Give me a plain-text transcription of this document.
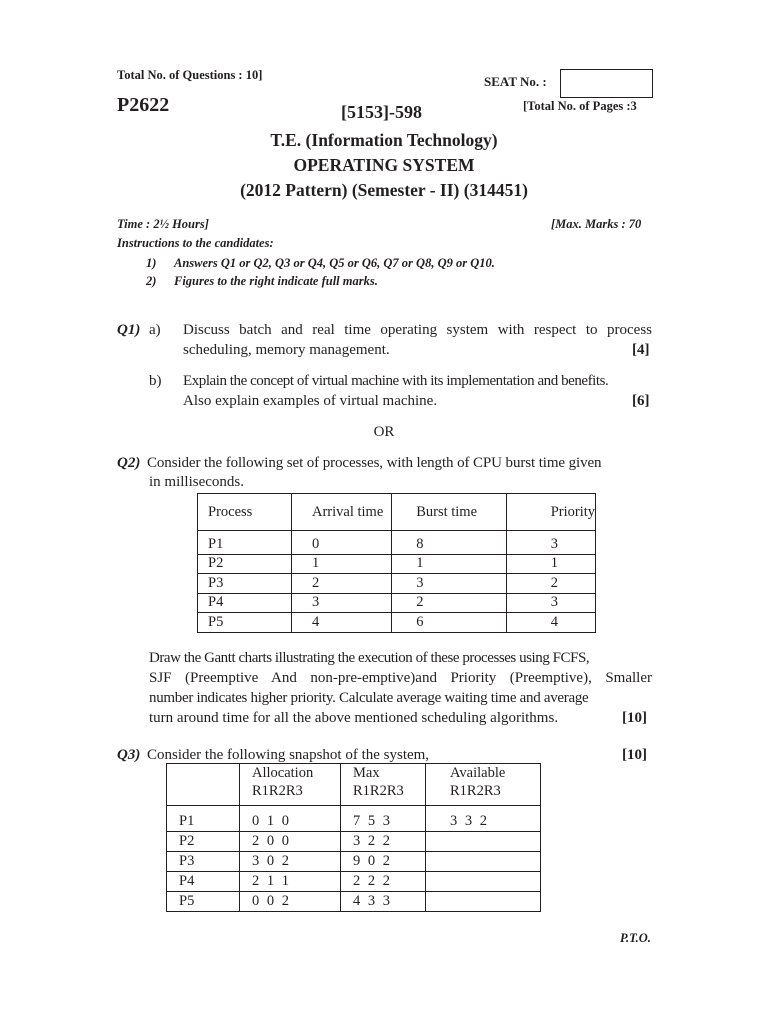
Total No. of Questions : 10]	SEAT No. :
P2622	[5153]-598	[Total No. of Pages :3
T.E. (Information Technology)
OPERATING SYSTEM
(2012 Pattern) (Semester - II) (314451)
Time : 2½ Hours]	[Max. Marks : 70
Instructions to the candidates:
1) Answers Q1 or Q2, Q3 or Q4, Q5 or Q6, Q7 or Q8, Q9 or Q10.
2) Figures to the right indicate full marks.
Q1) a) Discuss batch and real time operating system with respect to process
scheduling, memory management.	[4]
b) Explain the concept of virtual machine with its implementation and benefits.
Also explain examples of virtual machine.	[6]
OR
Q2) Consider the following set of processes, with length of CPU burst time given
in milliseconds.
Process	Arrival time	Burst time	Priority
P1	0	8	3
P2	1	1	1
P3	2	3	2
P4	3	2	3
P5	4	6	4
Draw the Gantt charts illustrating the execution of these processes using FCFS,
SJF (Preemptive And non-pre-emptive)and Priority (Preemptive), Smaller
number indicates higher priority. Calculate average waiting time and average
turn around time for all the above mentioned scheduling algorithms.	[10]
Q3) Consider the following snapshot of the system,	[10]
	Allocation	Max	Available
	R1R2R3	R1R2R3	R1R2R3

P1	0 1 0	7 5 3	3 3 2
P2	2 0 0	3 2 2	
P3	3 0 2	9 0 2	
P4	2 1 1	2 2 2	
P5	0 0 2	4 3 3	
P.T.O.
